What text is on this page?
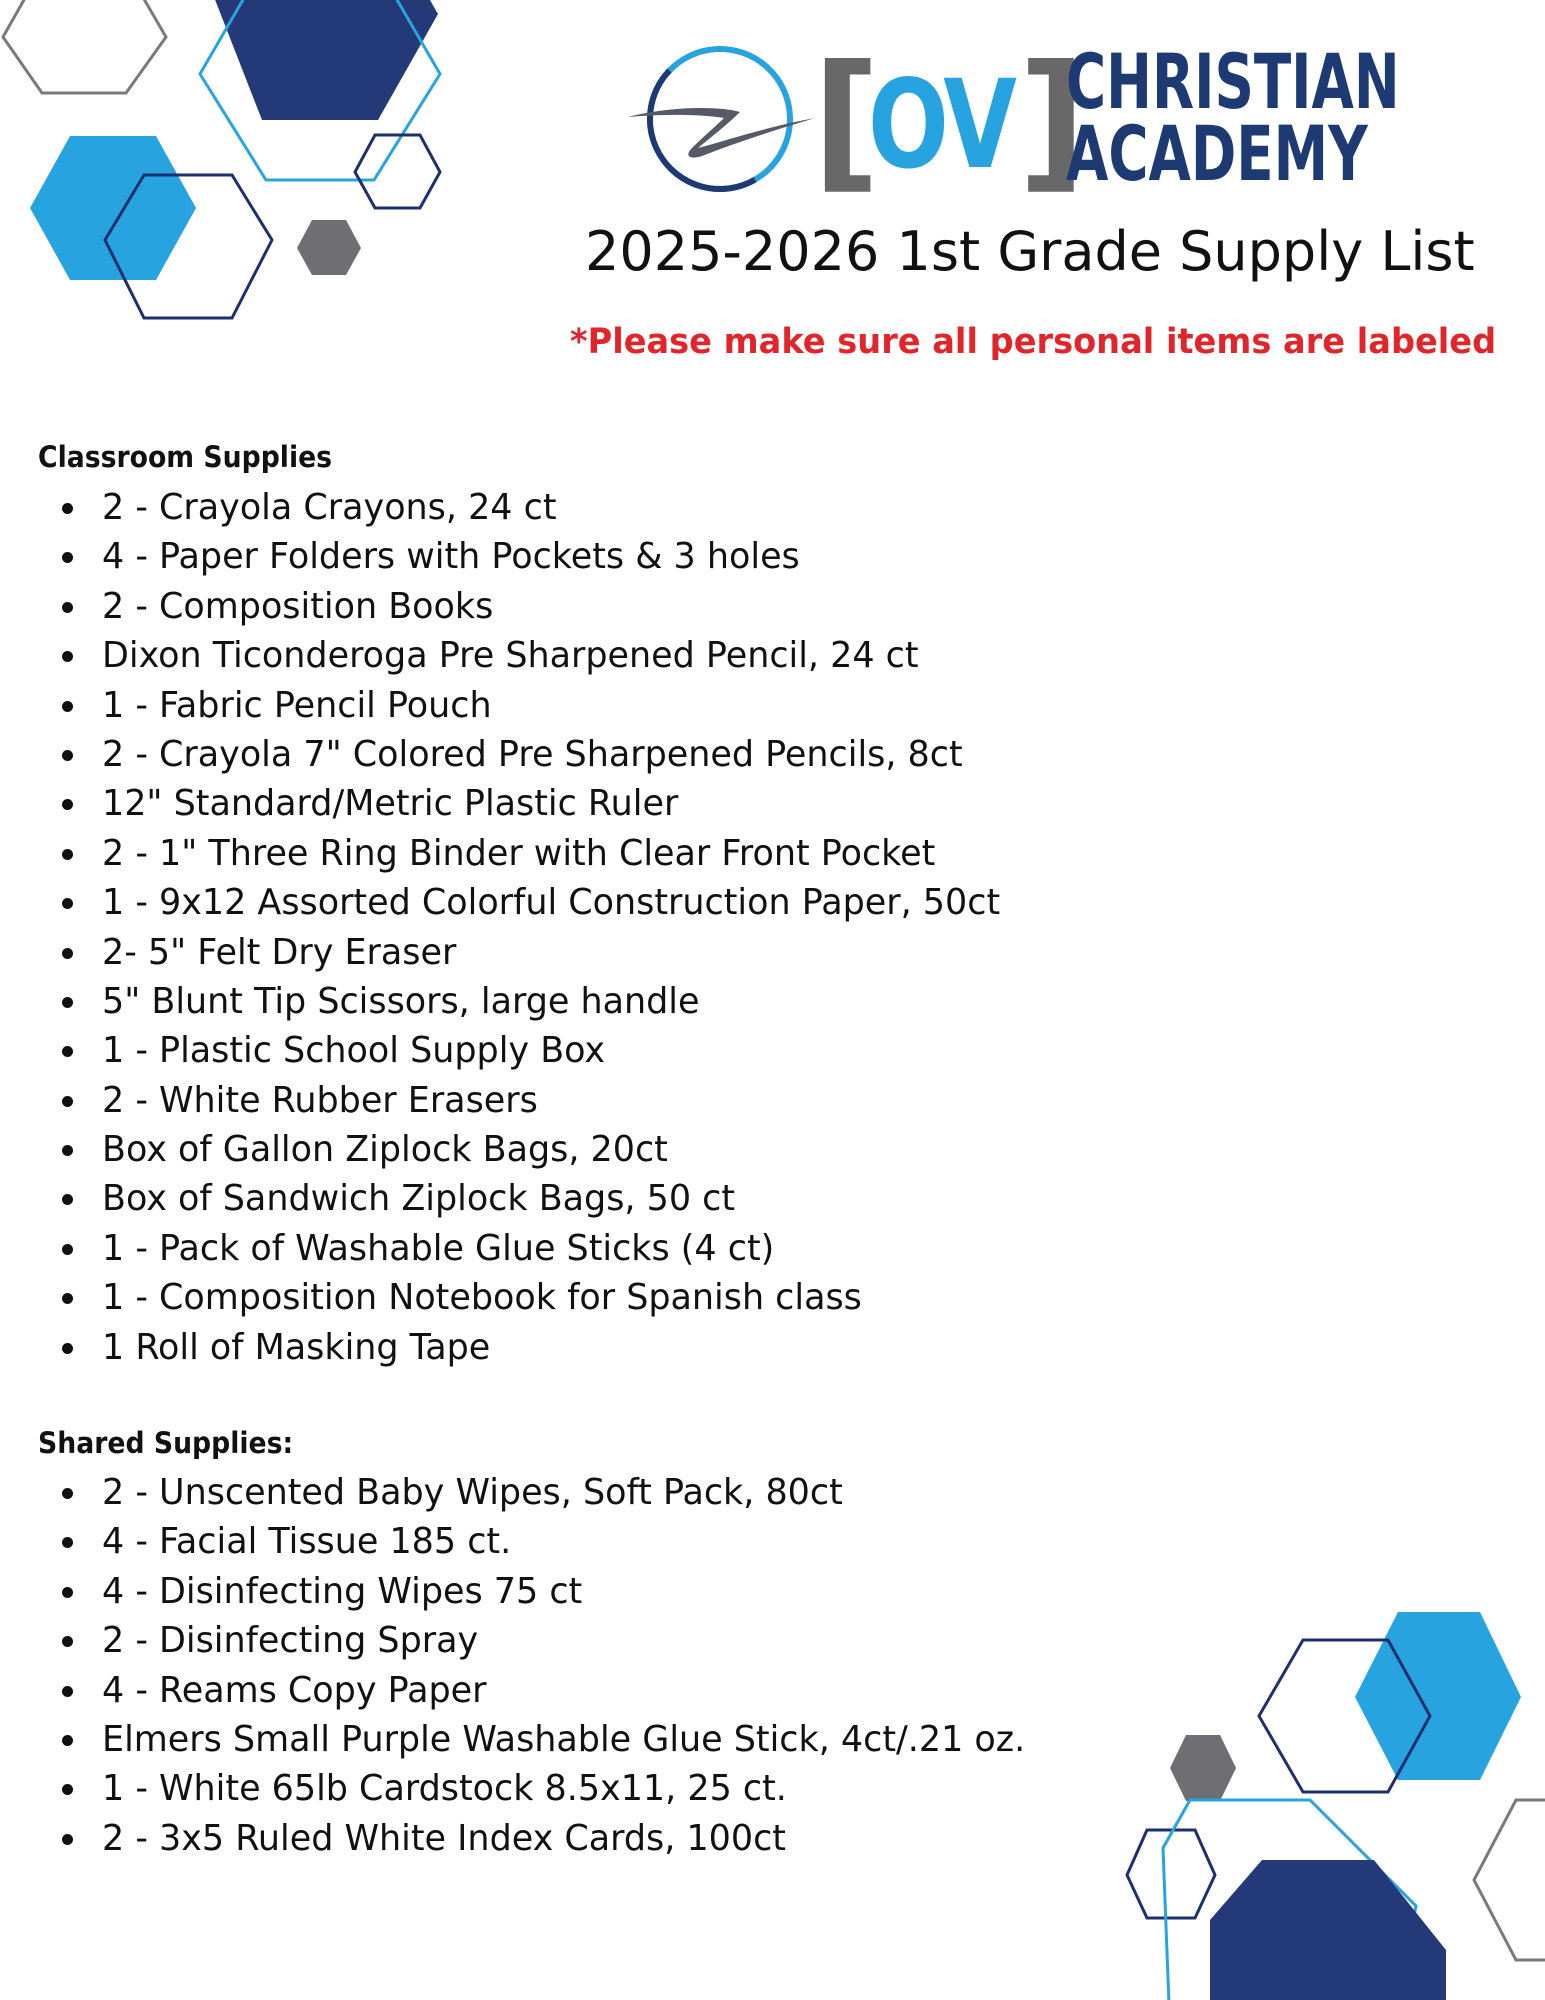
[
OV ]
CHRISTIAN
ACADEMY
2025-2026 1st Grade Supply List
*Please make sure all personal items are labeled
Classroom Supplies
2 - Crayola Crayons, 24 ct
4 - Paper Folders with Pockets & 3 holes
2 - Composition Books
Dixon Ticonderoga Pre Sharpened Pencil, 24 ct
1 - Fabric Pencil Pouch
2 - Crayola 7" Colored Pre Sharpened Pencils, 8ct
12" Standard/Metric Plastic Ruler
2 - 1" Three Ring Binder with Clear Front Pocket
1 - 9x12 Assorted Colorful Construction Paper, 50ct
2- 5" Felt Dry Eraser
5" Blunt Tip Scissors, large handle
1 - Plastic School Supply Box
2 - White Rubber Erasers
Box of Gallon Ziplock Bags, 20ct
Box of Sandwich Ziplock Bags, 50 ct
1 - Pack of Washable Glue Sticks (4 ct)
1 - Composition Notebook for Spanish class
1 Roll of Masking Tape
Shared Supplies:
2 - Unscented Baby Wipes, Soft Pack, 80ct
4 - Facial Tissue 185 ct.
4 - Disinfecting Wipes 75 ct
2 - Disinfecting Spray
4 - Reams Copy Paper
Elmers Small Purple Washable Glue Stick, 4ct/.21 oz.
1 - White 65lb Cardstock 8.5x11, 25 ct.
2 - 3x5 Ruled White Index Cards, 100ct
